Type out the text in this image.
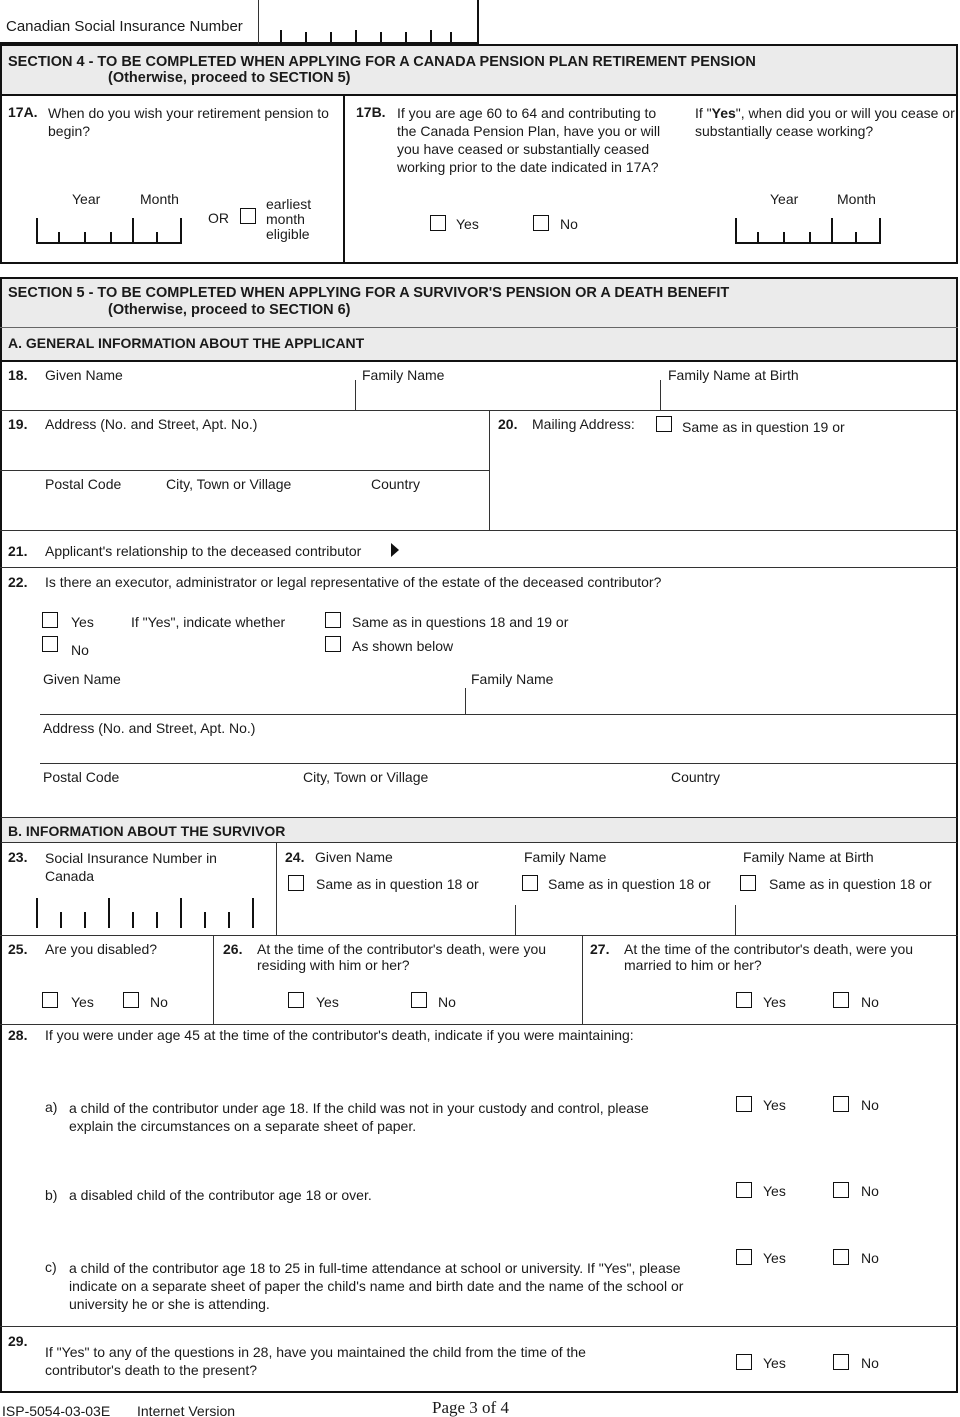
Canadian Social Insurance Number
SECTION 4 - TO BE COMPLETED WHEN APPLYING FOR A CANADA PENSION PLAN RETIREMENT PENSION
(Otherwise, proceed to SECTION 5)
17A. When do you wish your retirement pension to begin?
Year	Month
OR
earliest month eligible
17B. If you are age 60 to 64 and contributing to the Canada Pension Plan, have you or will you have ceased or substantially ceased working prior to the date indicated in 17A?
Yes	No
If "Yes", when did you or will you cease or substantially cease working?
Year	Month
SECTION 5 - TO BE COMPLETED WHEN APPLYING FOR A SURVIVOR'S PENSION OR A DEATH BENEFIT
(Otherwise, proceed to SECTION 6)
A. GENERAL INFORMATION ABOUT THE APPLICANT
18. Given Name	Family Name	Family Name at Birth
19. Address (No. and Street, Apt. No.)	20. Mailing Address:	Same as in question 19 or
Postal Code	City, Town or Village	Country
21. Applicant's relationship to the deceased contributor
22. Is there an executor, administrator or legal representative of the estate of the deceased contributor?
Yes
No
If "Yes", indicate whether	Same as in questions 18 and 19 or
As shown below
Given Name	Family Name
Address (No. and Street, Apt. No.)
Postal Code	City, Town or Village	Country
B. INFORMATION ABOUT THE SURVIVOR
23. Social Insurance Number in Canada
24. Given Name	Family Name	Family Name at Birth
Same as in question 18 or	Same as in question 18 or	Same as in question 18 or
25. Are you disabled?
Yes	No
26. At the time of the contributor's death, were you residing with him or her?
Yes	No
27. At the time of the contributor's death, were you married to him or her?
Yes	No
28. If you were under age 45 at the time of the contributor's death, indicate if you were maintaining:
a) a child of the contributor under age 18. If the child was not in your custody and control, please explain the circumstances on a separate sheet of paper.
Yes	No
b) a disabled child of the contributor age 18 or over.	Yes	No
c) a child of the contributor age 18 to 25 in full-time attendance at school or university. If "Yes", please indicate on a separate sheet of paper the child's name and birth date and the name of the school or university he or she is attending.
Yes	No
29.
If "Yes" to any of the questions in 28, have you maintained the child from the time of the contributor's death to the present?	Yes	No
ISP-5054-03-03E Internet Version	Page 3 of 4
